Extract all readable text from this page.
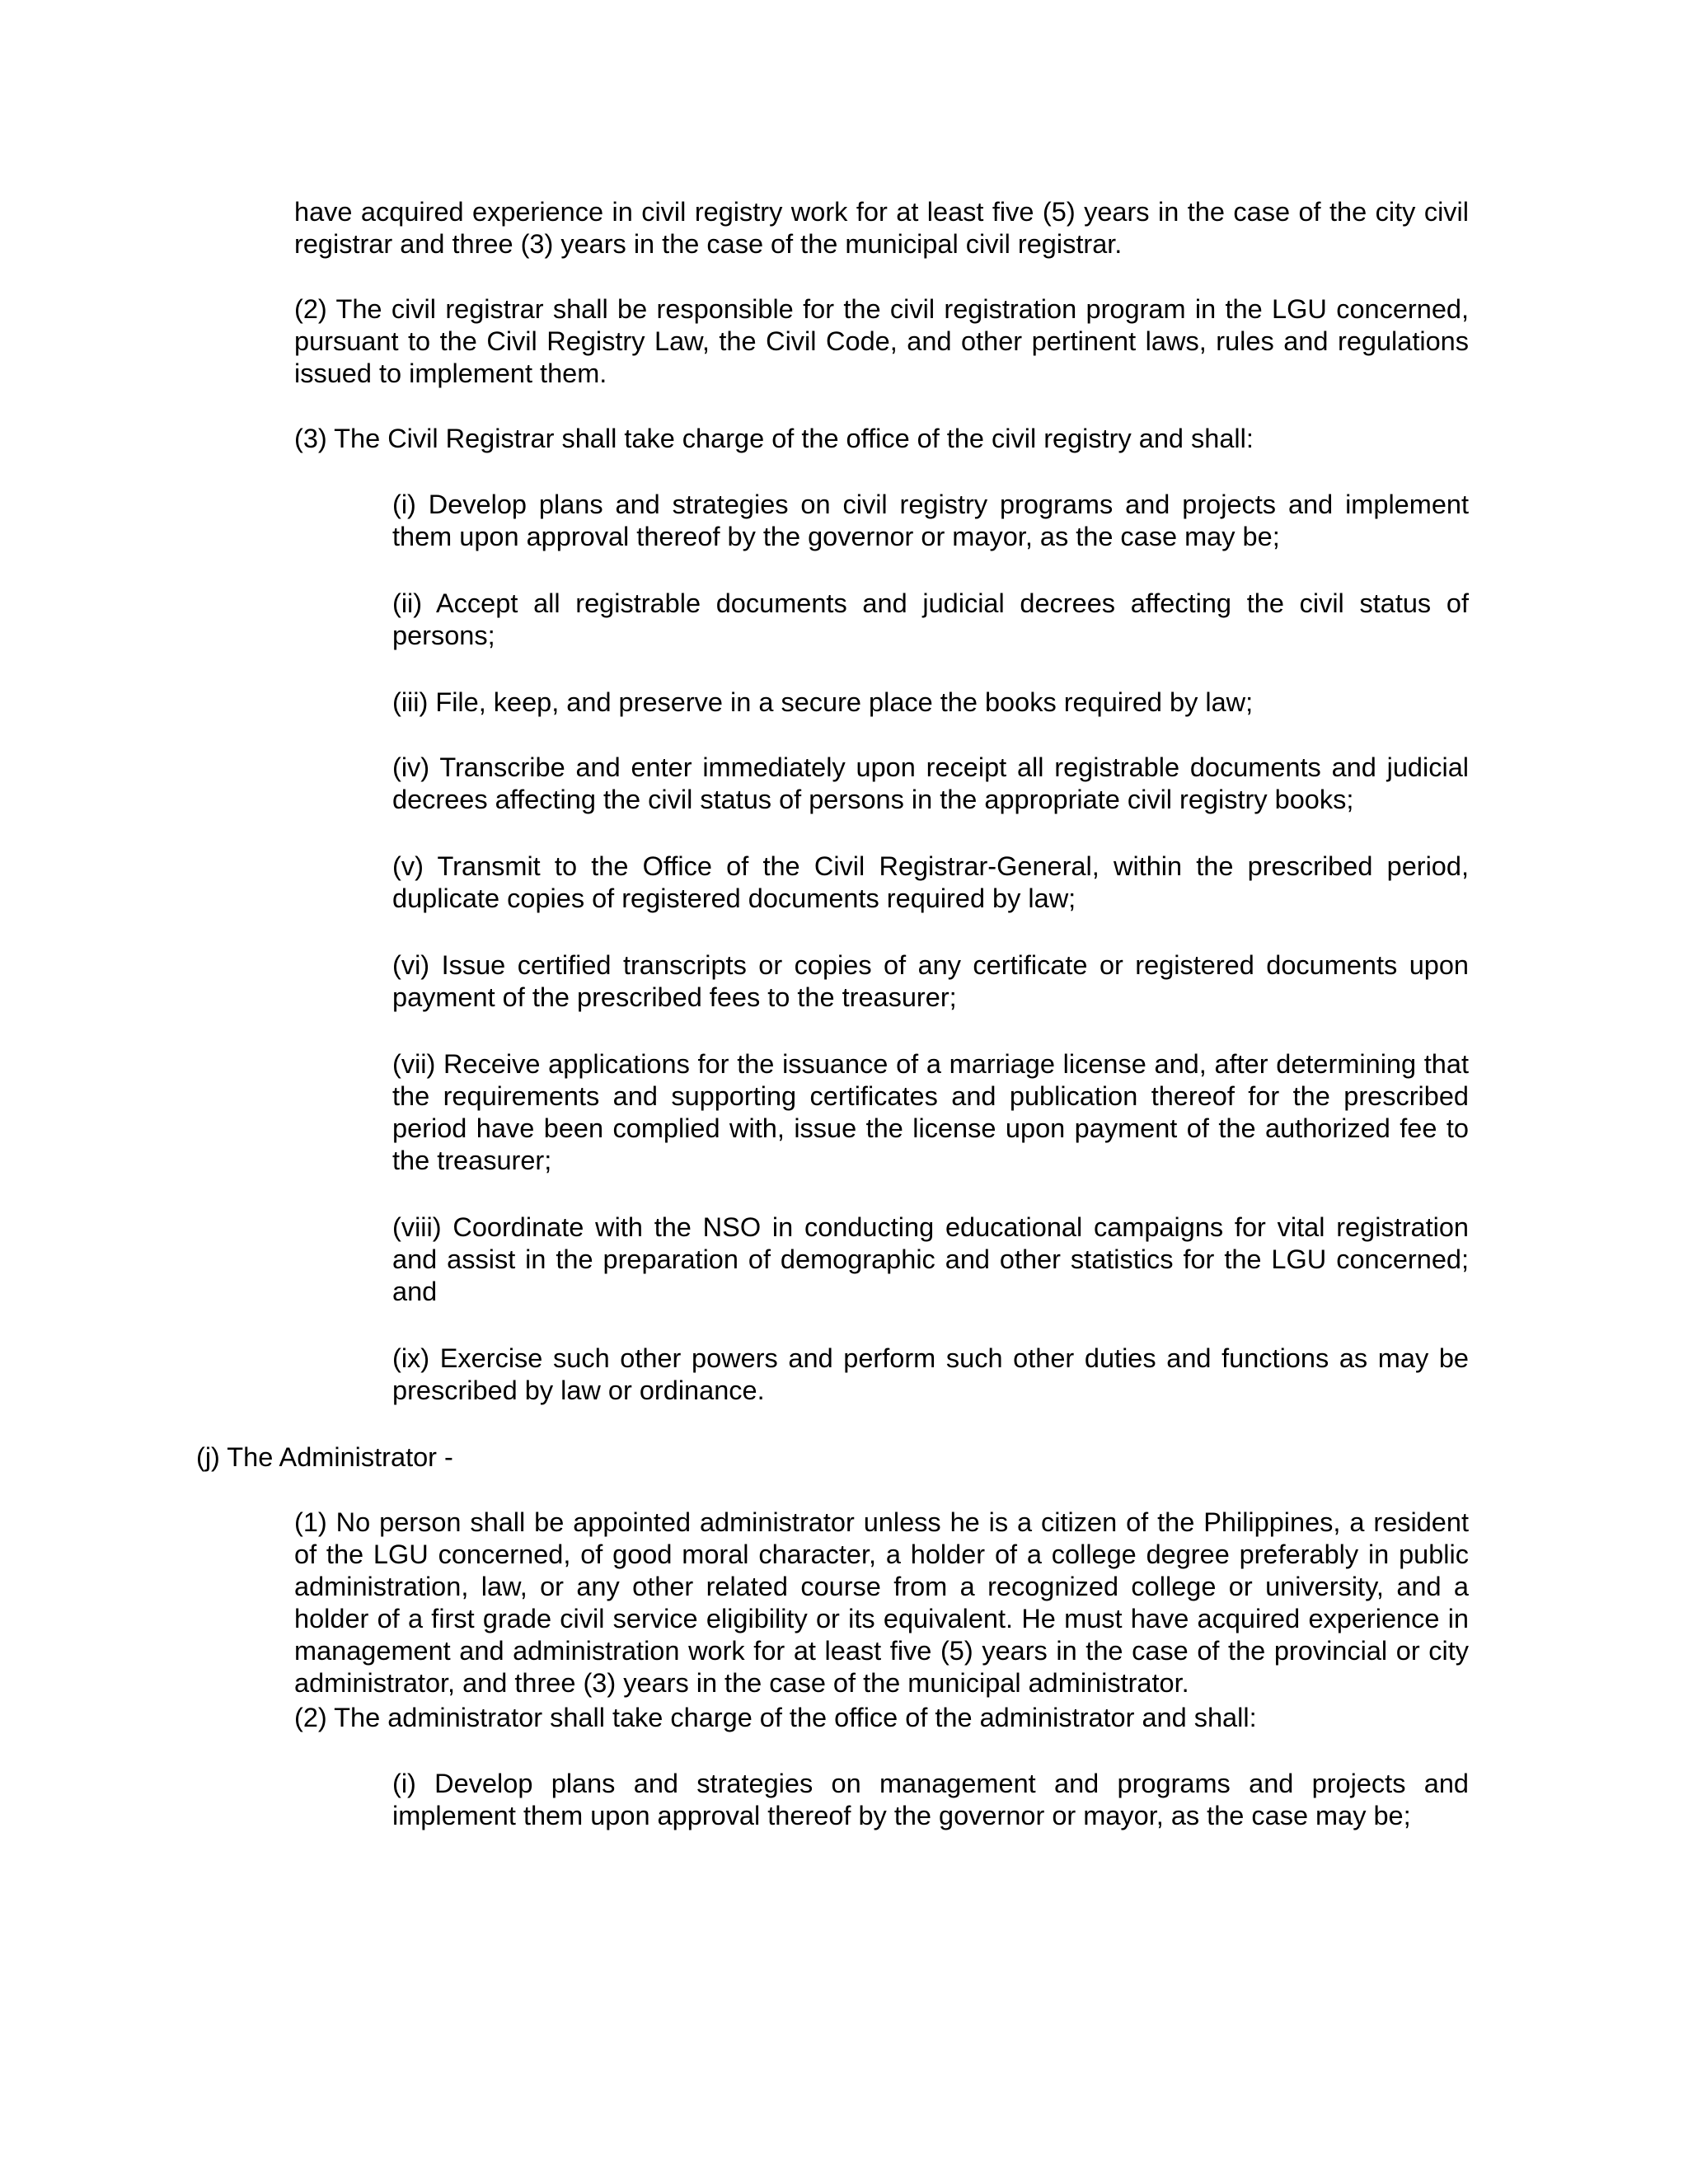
have acquired experience in civil registry work for at least five (5) years in the case of the city civil registrar and three (3) years in the case of the municipal civil registrar.

(2) The civil registrar shall be responsible for the civil registration program in the LGU concerned, pursuant to the Civil Registry Law, the Civil Code, and other pertinent laws, rules and regulations issued to implement them.

(3) The Civil Registrar shall take charge of the office of the civil registry and shall:

(i) Develop plans and strategies on civil registry programs and projects and implement them upon approval thereof by the governor or mayor, as the case may be;

(ii) Accept all registrable documents and judicial decrees affecting the civil status of persons;

(iii) File, keep, and preserve in a secure place the books required by law;

(iv) Transcribe and enter immediately upon receipt all registrable documents and judicial decrees affecting the civil status of persons in the appropriate civil registry books;

(v) Transmit to the Office of the Civil Registrar-General, within the prescribed period, duplicate copies of registered documents required by law;

(vi) Issue certified transcripts or copies of any certificate or registered documents upon payment of the prescribed fees to the treasurer;

(vii) Receive applications for the issuance of a marriage license and, after determining that the requirements and supporting certificates and publication thereof for the prescribed period have been complied with, issue the license upon payment of the authorized fee to the treasurer;

(viii) Coordinate with the NSO in conducting educational campaigns for vital registration and assist in the preparation of demographic and other statistics for the LGU concerned; and

(ix) Exercise such other powers and perform such other duties and functions as may be prescribed by law or ordinance.

(j) The Administrator -

(1) No person shall be appointed administrator unless he is a citizen of the Philippines, a resident of the LGU concerned, of good moral character, a holder of a college degree preferably in public administration, law, or any other related course from a recognized college or university, and a holder of a first grade civil service eligibility or its equivalent. He must have acquired experience in management and administration work for at least five (5) years in the case of the provincial or city administrator, and three (3) years in the case of the municipal administrator.

(2) The administrator shall take charge of the office of the administrator and shall:

(i) Develop plans and strategies on management and programs and projects and implement them upon approval thereof by the governor or mayor, as the case may be;
